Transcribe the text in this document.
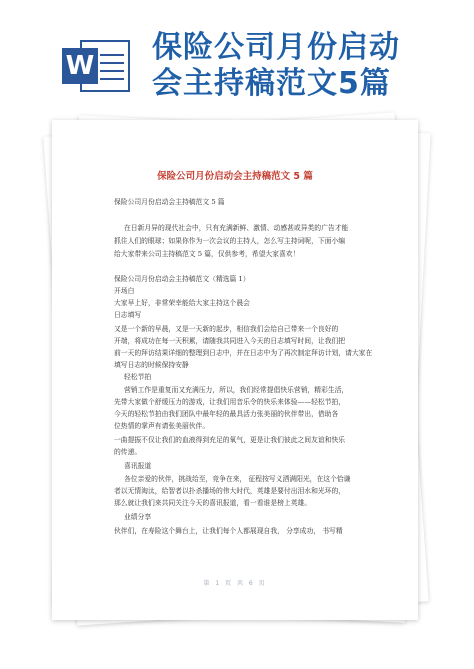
W
保险公司月份启动
会主持稿范文5篇
保险公司月份启动会主持稿范文 5 篇
保险公司月份启动会主持稿范文 5 篇
在日新月异的现代社会中，只有充满新鲜、激情、动感甚或异类的广告才能
抓住人们的眼球；如果你作为一次会议的主持人，怎么写主持词呢，下面小编
给大家带来公司主持稿范文 5 篇，仅供参考，希望大家喜欢！
保险公司月份启动会主持稿范文（精选篇 1）
开场白
大家早上好，非常荣幸能给大家主持这个晨会
日志填写
又是一个新的早晨，又是一天新的起步，相信我们会给自己带来一个良好的
开端，将成功在每一天积累，请随我共同进入今天的日志填写时间，让我们把
前一天的拜访结果详细的整理到日志中，并在日志中为了再次制定拜访计划，请大家在
填写日志的时候保持安静
轻松节拍
营销工作是重复而又充满压力，所以，我们经常提倡快乐营销，精彩生活，
先带大家做个舒缓压力的游戏，让我们用音乐令的快乐来体验——轻松节拍，
今天的轻松节拍由我们团队中最年轻的最具活力张美丽的伙伴带出，借助各
位热情的掌声有请张美丽伙伴。
一曲提振不仅让我们的血液得到充足的氧气，更是让我们彼此之间友谊和快乐
的传递。
喜讯报道
各位亲爱的伙伴，挑战给至，竞争在来， 征程按写义洒满阳光，在这个恰谦
者以无情淘汰，给智者以扑杀播场的伟大时代，英雄是要付出泪水和光环的，
那么就让我们来共同关注今天的喜讯报道，看一看谁是榜上英雄。
业绩分享
伙伴们，在寿险这个舞台上，让我们每个人都展现自我， 分享成功， 书写精
第 1 页 共 6 页
